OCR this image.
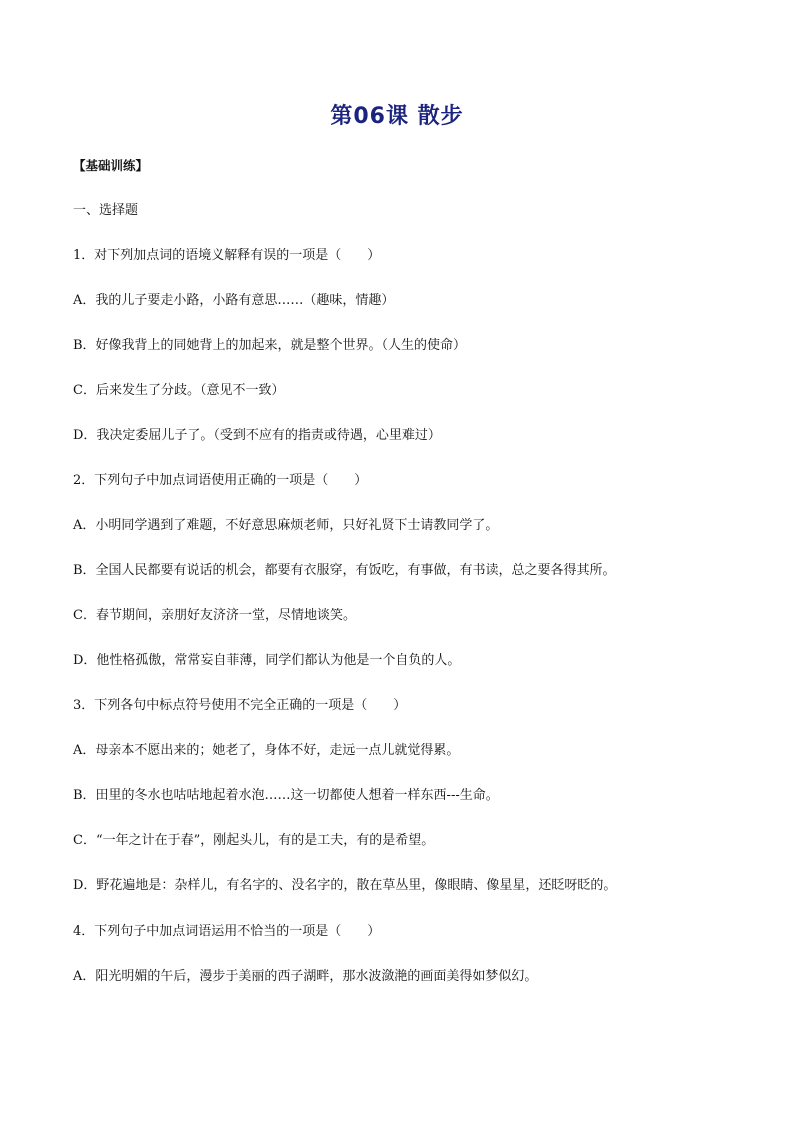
第06课 散步
【基础训练】
一、选择题
1．对下列加点词的语境义解释有误的一项是（　　）
A．我的儿子要走小路，小路有意思……（趣味，情趣）
B．好像我背上的同她背上的加起来，就是整个世界。（人生的使命）
C．后来发生了分歧。（意见不一致）
D．我决定委屈儿子了。（受到不应有的指责或待遇，心里难过）
2．下列句子中加点词语使用正确的一项是（　　）
A．小明同学遇到了难题，不好意思麻烦老师，只好礼贤下士请教同学了。
B．全国人民都要有说话的机会，都要有衣服穿，有饭吃，有事做，有书读，总之要各得其所。
C．春节期间，亲朋好友济济一堂，尽情地谈笑。
D．他性格孤傲，常常妄自菲薄，同学们都认为他是一个自负的人。
3．下列各句中标点符号使用不完全正确的一项是（　　）
A．母亲本不愿出来的；她老了，身体不好，走远一点儿就觉得累。
B．田里的冬水也咕咕地起着水泡……这一切都使人想着一样东西---生命。
C．“一年之计在于春”，刚起头儿，有的是工夫，有的是希望。
D．野花遍地是：杂样儿，有名字的、没名字的，散在草丛里，像眼睛、像星星，还眨呀眨的。
4．下列句子中加点词语运用不恰当的一项是（　　）
A．阳光明媚的午后，漫步于美丽的西子湖畔，那水波潋滟的画面美得如梦似幻。
